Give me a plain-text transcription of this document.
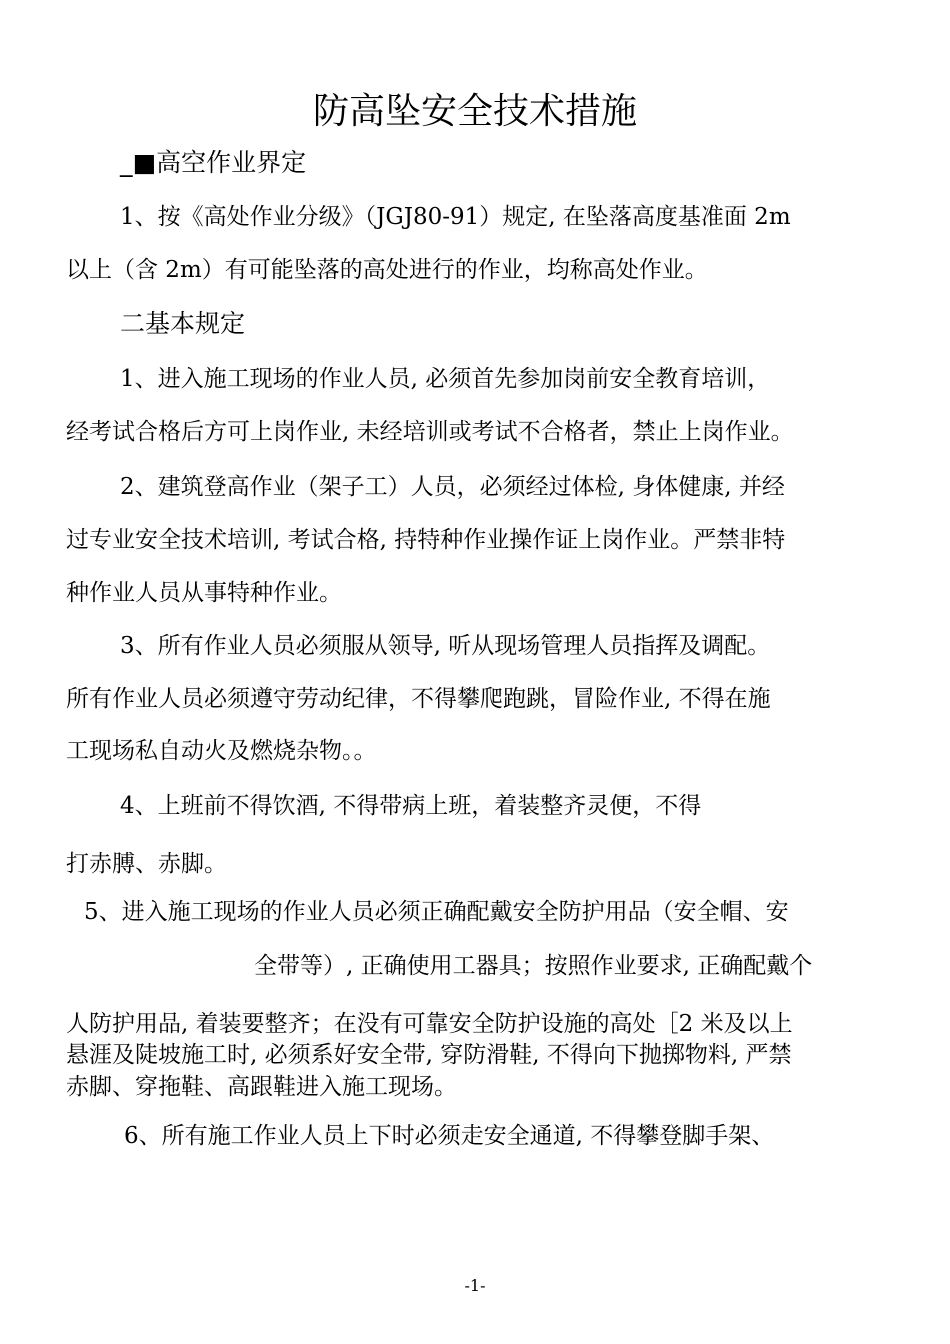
防高坠安全技术措施
_■高空作业界定
1、按《高处作业分级》（JGJ80-91）规定, 在坠落高度基准面 2m
以上（含 2m）有可能坠落的高处进行的作业，均称高处作业。
二基本规定
1、进入施工现场的作业人员, 必须首先参加岗前安全教育培训，
经考试合格后方可上岗作业, 未经培训或考试不合格者，禁止上岗作业。
2、建筑登高作业（架子工）人员，必须经过体检, 身体健康, 并经
过专业安全技术培训, 考试合格, 持特种作业操作证上岗作业。严禁非特
种作业人员从事特种作业。
3、所有作业人员必须服从领导, 听从现场管理人员指挥及调配。
所有作业人员必须遵守劳动纪律，不得攀爬跑跳，冒险作业, 不得在施
工现场私自动火及燃烧杂物。。
4、上班前不得饮酒, 不得带病上班，着装整齐灵便，不得
打赤膊、赤脚。
5、进入施工现场的作业人员必须正确配戴安全防护用品（安全帽、安
全带等）, 正确使用工器具；按照作业要求, 正确配戴个
人防护用品, 着装要整齐；在没有可靠安全防护设施的高处［2 米及以上
悬涯及陡坡施工时, 必须系好安全带, 穿防滑鞋, 不得向下抛掷物料, 严禁
赤脚、穿拖鞋、高跟鞋进入施工现场。
6、所有施工作业人员上下时必须走安全通道, 不得攀登脚手架、
-1-
